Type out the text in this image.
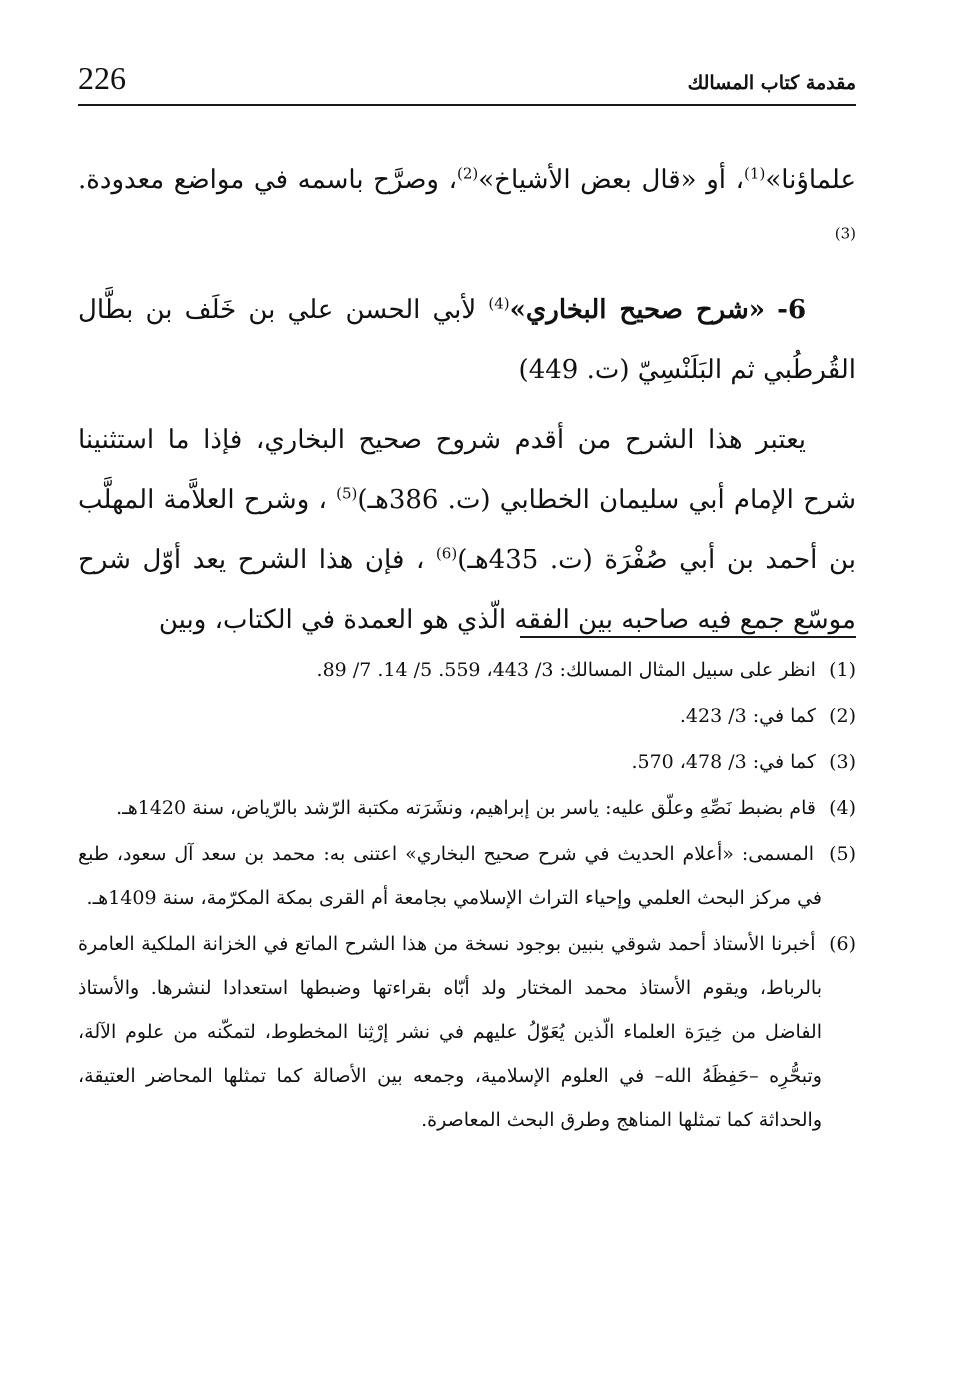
مقدمة كتاب المسالك
226

علماؤنا»$^{(1)}$، أو «قال بعض الأشياخ»$^{(2)}$، وصرَّح باسمه في مواضع معدودة.$^{(3)}$

6- «شرح صحيح البخاري»$^{(4)}$ لأبي الحسن علي بن خَلَف بن بطَّال القُرطُبي ثم البَلَنْسِيّ (ت. 449)

يعتبر هذا الشرح من أقدم شروح صحيح البخاري، فإذا ما استثنينا شرح الإمام أبي سليمان الخطابي (ت. 386هـ)$^{(5)}$ ، وشرح العلاَّمة المهلَّب بن أحمد بن أبي صُفْرَة (ت. 435هـ)$^{(6)}$ ، فإن هذا الشرح يعد أوّل شرح موسّع جمع فيه صاحبه بين الفقه الّذي هو العمدة في الكتاب، وبين

(1) انظر على سبيل المثال المسالك: 3/ 443، 559. 5/ 14. 7/ 89.

(2) كما في: 3/ 423.

(3) كما في: 3/ 478، 570.

(4) قام بضبط نَصِّهِ وعلّق عليه: ياسر بن إبراهيم، ونشَرَته مكتبة الرّشد بالرّياض، سنة 1420هـ.

(5) المسمى: «أعلام الحديث في شرح صحيح البخاري» اعتنى به: محمد بن سعد آل سعود، طبع في مركز البحث العلمي وإحياء التراث الإسلامي بجامعة أم القرى بمكة المكرّمة، سنة 1409هـ.

(6) أخبرنا الأستاذ أحمد شوقي بنبين بوجود نسخة من هذا الشرح الماتع في الخزانة الملكية العامرة بالرباط، ويقوم الأستاذ محمد المختار ولد أبّاه بقراءتها وضبطها استعدادا لنشرها. والأستاذ الفاضل من خِيرَة العلماء الّذين يُعَوّلُ عليهم في نشر إرْثِنا المخطوط، لتمكّنه من علوم الآلة، وتبحُّرِه –حَفِظَهُ الله– في العلوم الإسلامية، وجمعه بين الأصالة كما تمثلها المحاضر العتيقة، والحداثة كما تمثلها المناهج وطرق البحث المعاصرة.
